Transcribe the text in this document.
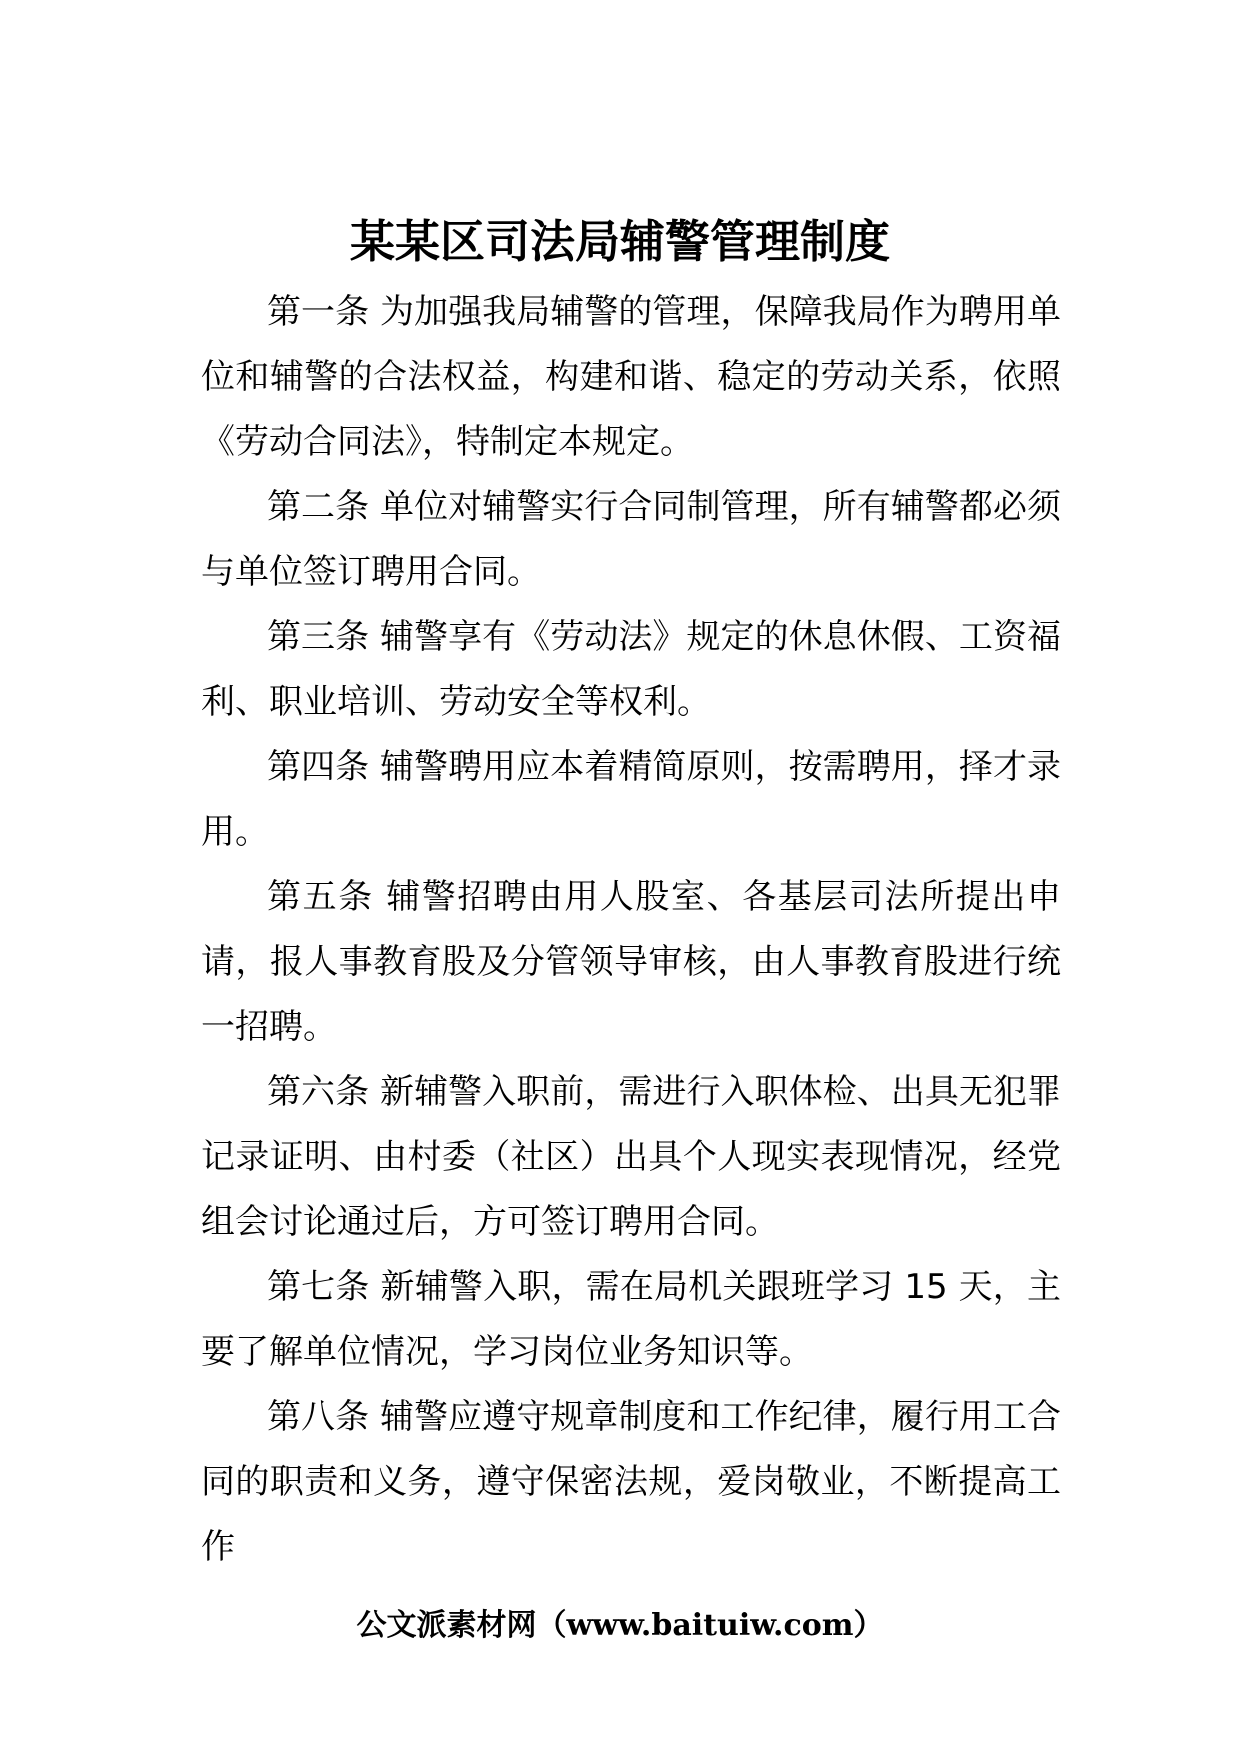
某某区司法局辅警管理制度

第一条 为加强我局辅警的管理，保障我局作为聘用单位和辅警的合法权益，构建和谐、稳定的劳动关系，依照《劳动合同法》，特制定本规定。

第二条 单位对辅警实行合同制管理，所有辅警都必须与单位签订聘用合同。

第三条 辅警享有《劳动法》规定的休息休假、工资福利、职业培训、劳动安全等权利。

第四条 辅警聘用应本着精简原则，按需聘用，择才录用。

第五条 辅警招聘由用人股室、各基层司法所提出申请，报人事教育股及分管领导审核，由人事教育股进行统一招聘。

第六条 新辅警入职前，需进行入职体检、出具无犯罪记录证明、由村委（社区）出具个人现实表现情况，经党组会讨论通过后，方可签订聘用合同。

第七条 新辅警入职，需在局机关跟班学习 15 天，主要了解单位情况，学习岗位业务知识等。

第八条 辅警应遵守规章制度和工作纪律，履行用工合同的职责和义务，遵守保密法规，爱岗敬业，不断提高工作

公文派素材网（www.baituiw.com）
